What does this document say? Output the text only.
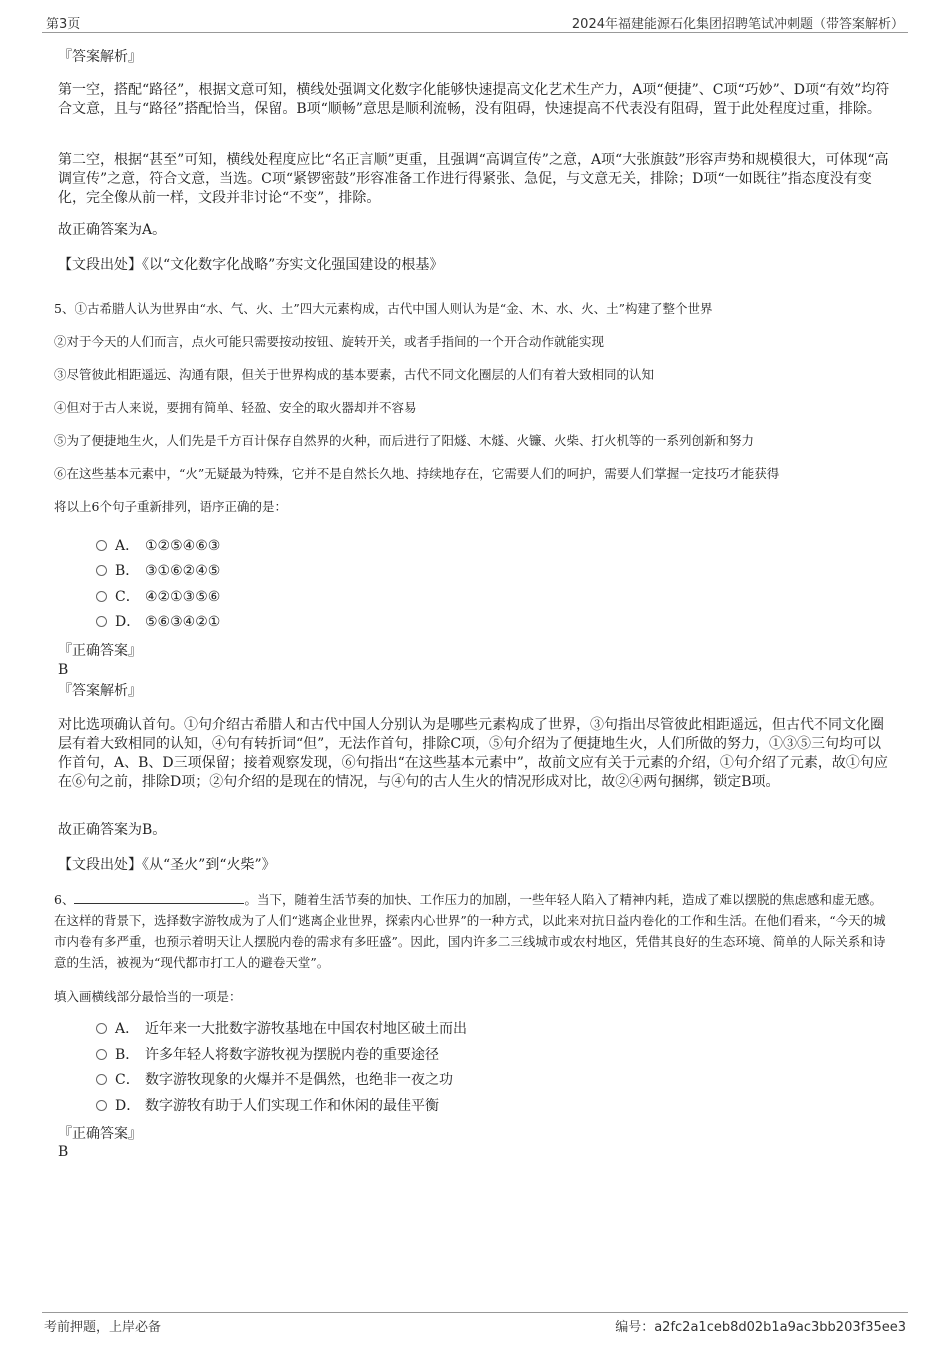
第3页	2024年福建能源石化集团招聘笔试冲刺题（带答案解析）

『答案解析』

第一空，搭配“路径”，根据文意可知，横线处强调文化数字化能够快速提高文化艺术生产力，A项“便捷”、C项“巧妙”、D项“有效”均符合文意，且与“路径”搭配恰当，保留。B项“顺畅”意思是顺利流畅，没有阻碍，快速提高不代表没有阻碍，置于此处程度过重，排除。

第二空，根据“甚至”可知，横线处程度应比“名正言顺”更重，且强调“高调宣传”之意，A项“大张旗鼓”形容声势和规模很大，可体现“高调宣传”之意，符合文意，当选。C项“紧锣密鼓”形容准备工作进行得紧张、急促，与文意无关，排除；D项“一如既往”指态度没有变化，完全像从前一样，文段并非讨论“不变”，排除。

故正确答案为A。

【文段出处】《以“文化数字化战略”夯实文化强国建设的根基》

5、①古希腊人认为世界由“水、气、火、土”四大元素构成，古代中国人则认为是“金、木、水、火、土”构建了整个世界
②对于今天的人们而言，点火可能只需要按动按钮、旋转开关，或者手指间的一个开合动作就能实现
③尽管彼此相距遥远、沟通有限，但关于世界构成的基本要素，古代不同文化圈层的人们有着大致相同的认知
④但对于古人来说，要拥有简单、轻盈、安全的取火器却并不容易
⑤为了便捷地生火，人们先是千方百计保存自然界的火种，而后进行了阳燧、木燧、火镰、火柴、打火机等的一系列创新和努力
⑥在这些基本元素中，“火”无疑最为特殊，它并不是自然长久地、持续地存在，它需要人们的呵护，需要人们掌握一定技巧才能获得
将以上6个句子重新排列，语序正确的是：
A． ①②⑤④⑥③
B． ③①⑥②④⑤
C． ④②①③⑤⑥
D． ⑤⑥③④②①

『正确答案』

B

『答案解析』

对比选项确认首句。①句介绍古希腊人和古代中国人分别认为是哪些元素构成了世界，③句指出尽管彼此相距遥远，但古代不同文化圈层有着大致相同的认知，④句有转折词“但”，无法作首句，排除C项，⑤句介绍为了便捷地生火，人们所做的努力，①③⑤三句均可以作首句，A、B、D三项保留；接着观察发现，⑥句指出“在这些基本元素中”，故前文应有关于元素的介绍，①句介绍了元素，故①句应在⑥句之前，排除D项；②句介绍的是现在的情况，与④句的古人生火的情况形成对比，故②④两句捆绑，锁定B项。

故正确答案为B。

【文段出处】《从“圣火”到“火柴”》

6、	。当下，随着生活节奏的加快、工作压力的加剧，一些年轻人陷入了精神内耗，造成了难以摆脱的焦虑感和虚无感。在这样的背景下，选择数字游牧成为了人们“逃离企业世界，探索内心世界”的一种方式，以此来对抗日益内卷化的工作和生活。在他们看来，“今天的城市内卷有多严重，也预示着明天让人摆脱内卷的需求有多旺盛”。因此，国内许多二三线城市或农村地区，凭借其良好的生态环境、简单的人际关系和诗意的生活，被视为“现代都市打工人的避卷天堂”。

填入画横线部分最恰当的一项是：

A． 近年来一大批数字游牧基地在中国农村地区破土而出
B． 许多年轻人将数字游牧视为摆脱内卷的重要途径
C． 数字游牧现象的火爆并不是偶然，也绝非一夜之功
D． 数字游牧有助于人们实现工作和休闲的最佳平衡

『正确答案』

B

考前押题，上岸必备	编号：a2fc2a1ceb8d02b1a9ac3bb203f35ee3
